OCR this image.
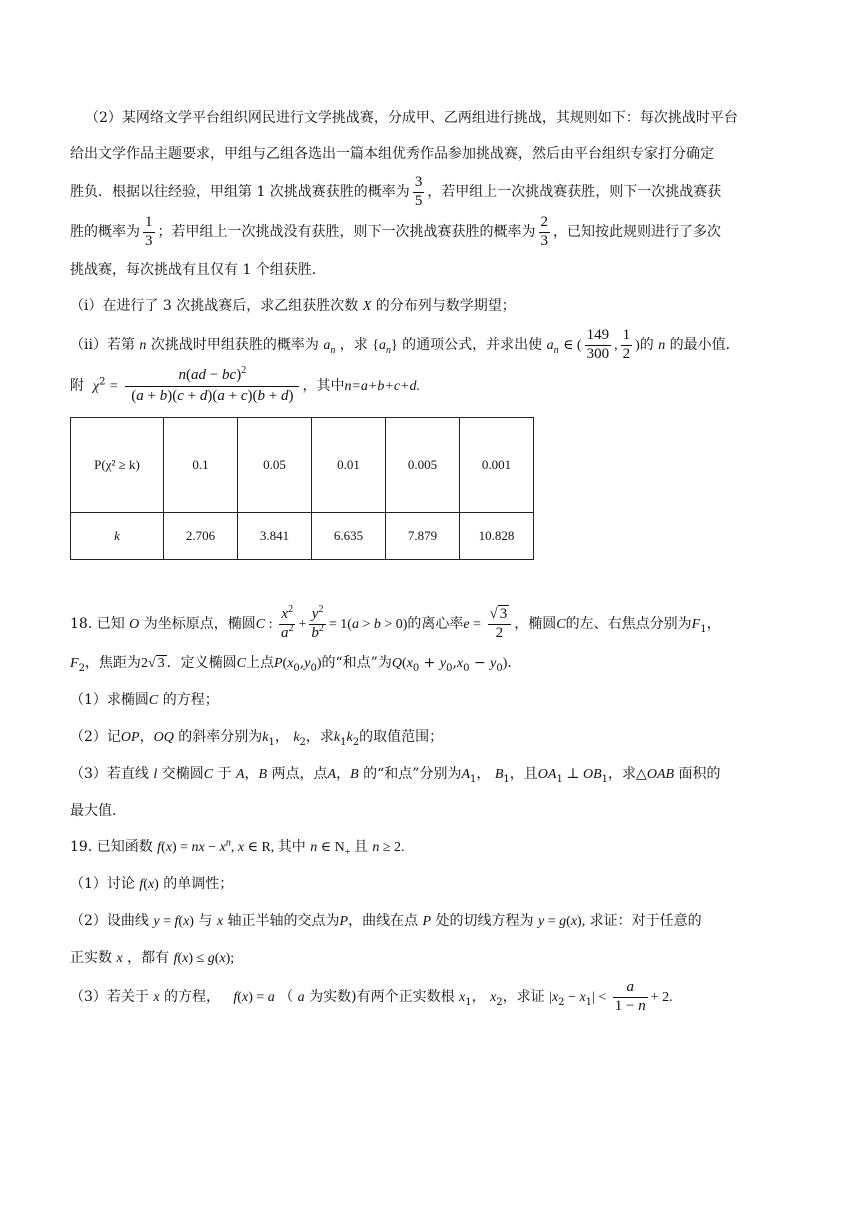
（2）某网络文学平台组织网民进行文学挑战赛，分成甲、乙两组进行挑战，其规则如下：每次挑战时平台

给出文学作品主题要求，甲组与乙组各选出一篇本组优秀作品参加挑战赛，然后由平台组织专家打分确定

胜负．根据以往经验，甲组第 1 次挑战赛获胜的概率为 $\frac{3}{5}$ ，若甲组上一次挑战赛获胜，则下一次挑战赛获

胜的概率为 $\frac{1}{3}$ ；若甲组上一次挑战没有获胜，则下一次挑战赛获胜的概率为 $\frac{2}{3}$ ，已知按此规则进行了多次

挑战赛，每次挑战有且仅有 1 个组获胜．

（i）在进行了 3 次挑战赛后，求乙组获胜次数 X 的分布列与数学期望；

（ii）若第 n 次挑战时甲组获胜的概率为 $a_n$ ，求 $\{a_n\}$ 的通项公式，并求出使 $a_n$ ∈ ( $\frac{149}{300}$ , $\frac{1}{2}$ )的 n 的最小值．

附 $\chi^2 = \frac{n(ad - bc)^2}{(a + b)(c + d)(a + c)(b + d)}$ ，其中n=a+b+c+d.

P(χ² ≥ k)	0.1	0.05	0.01	0.005	0.001
k	2.706	3.841	6.635	7.879	10.828

18. 已知 O 为坐标原点，椭圆C : $\frac{x^2}{a^2} + \frac{y^2}{b^2} = 1(a > b > 0)$的离心率$e = \frac{√ 3}{2}$ ，椭圆C的左、右焦点分别为$F_1$，

$F_2$，焦距为2√ 3 ．定义椭圆C上点$P(x_0,y_0)$的“和点”为$Q(x_0 + y_0,x_0 - y_0)$．

（1）求椭圆C 的方程；

（2）记OP，OQ 的斜率分别为$k_1$， $k_2$，求$k_1k_2$的取值范围；

（3）若直线 l 交椭圆C 于 A，B 两点，点A，B 的“和点”分别为$A_1$， $B_1$，且$OA_1$ ⊥ $OB_1$，求△OAB 面积的

最大值．

19. 已知函数 f(x) = nx − $x^n$, x ∈ R, 其中 n ∈ $N_+$ 且 n ≥ 2.

（1）讨论 f(x) 的单调性；

（2）设曲线 y = f(x) 与 x 轴正半轴的交点为P，曲线在点 P 处的切线方程为 y = g(x), 求证：对于任意的

正实数 x ，都有 f(x) ≤ g(x);

（3）若关于 x 的方程， f(x) = a （ a 为实数)有两个正实数根 $x_1$， $x_2$，求证 $|x_2 - x_1| < \frac{a}{1 - n} + 2$.
